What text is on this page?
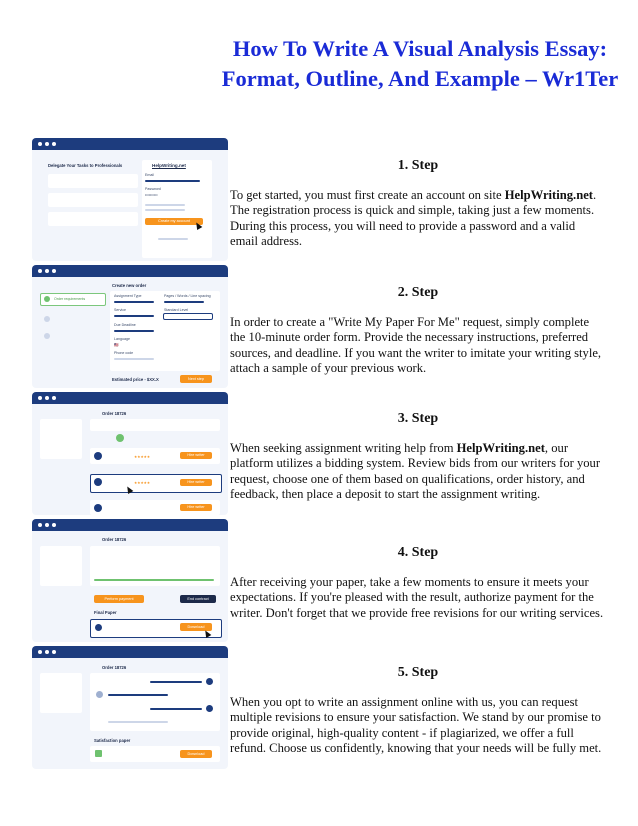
How To Write A Visual Analysis Essay: Format, Outline, And Example – Wr1Ter
Delegate Your Tasks to Professionals	HelpWriting.net
Email
Password
••••••••••
Create my account
Create new order
Order requirements
Assignment Type	Pages / Words / Line spacing
Service	Standard Level
Due Deadline
Language
🇺🇸
Phone code
Estimated price - $XX.X	Next step
Order 18726
★★★★★	Hire writer
★★★★★	Hire writer
Hire writer
Order 18726
Perform payment	End contract
Final Paper
Download
Order 18726
Satisfaction paper
Download
1. Step

To get started, you must first create an account on site HelpWriting.net. The registration process is quick and simple, taking just a few moments. During this process, you will need to provide a password and a valid email address.

2. Step

In order to create a "Write My Paper For Me" request, simply complete the 10-minute order form. Provide the necessary instructions, preferred sources, and deadline. If you want the writer to imitate your writing style, attach a sample of your previous work.

3. Step

When seeking assignment writing help from HelpWriting.net, our platform utilizes a bidding system. Review bids from our writers for your request, choose one of them based on qualifications, order history, and feedback, then place a deposit to start the assignment writing.

4. Step

After receiving your paper, take a few moments to ensure it meets your expectations. If you're pleased with the result, authorize payment for the writer. Don't forget that we provide free revisions for our writing services.

5. Step

When you opt to write an assignment online with us, you can request multiple revisions to ensure your satisfaction. We stand by our promise to provide original, high-quality content - if plagiarized, we offer a full refund. Choose us confidently, knowing that your needs will be fully met.
